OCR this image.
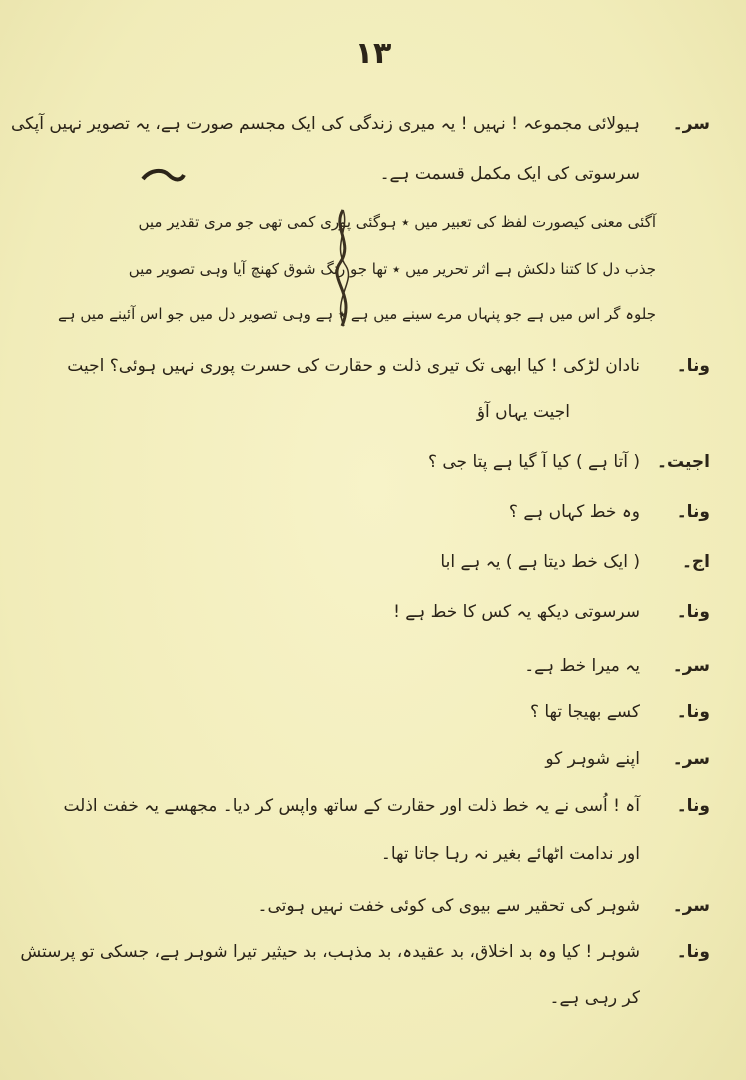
۱۳
سر۔
ہیولائی مجموعہ ! نہیں ! یہ میری زندگی کی ایک مجسم صورت ہے، یہ تصویر نہیں آپکی
سرسوتی کی ایک مکمل قسمت ہے۔
آگئی معنی کیصورت لفظ کی تعبیر میں ٭ ہوگئی پوری کمی تھی جو مری تقدیر میں
جذب دل کا کتنا دلکش ہے اثر تحریر میں ٭ تھا جو رنگ شوق کھنچ آیا وہی تصویر میں
جلوہ گر اس میں ہے جو پنہاں مرے سینے میں ہے ٭ ہے وہی تصویر دل میں جو اس آئینے میں ہے
ونا۔
نادان لڑکی ! کیا ابھی تک تیری ذلت و حقارت کی حسرت پوری نہیں ہوئی؟ اجیت
اجیت یہاں آؤ
اجیت۔
( آتا ہے ) کیا آ گیا ہے پتا جی ؟
ونا۔
وہ خط کہاں ہے ؟
اج۔
( ایک خط دیتا ہے ) یہ ہے ابا
ونا۔
سرسوتی دیکھ یہ کس کا خط ہے !
سر۔
یہ میرا خط ہے۔
ونا۔
کسے بھیجا تھا ؟
سر۔
اپنے شوہر کو
ونا۔
آہ ! اُسی نے یہ خط ذلت اور حقارت کے ساتھ واپس کر دیا۔ مجھسے یہ خفت اذلت
اور ندامت اٹھائے بغیر نہ رہا جاتا تھا۔
سر۔
شوہر کی تحقیر سے بیوی کی کوئی خفت نہیں ہوتی۔
ونا۔
شوہر ! کیا وہ بد اخلاق، بد عقیدہ، بد مذہب، بد حیثیر تیرا شوہر ہے، جسکی تو پرستش
کر رہی ہے۔
